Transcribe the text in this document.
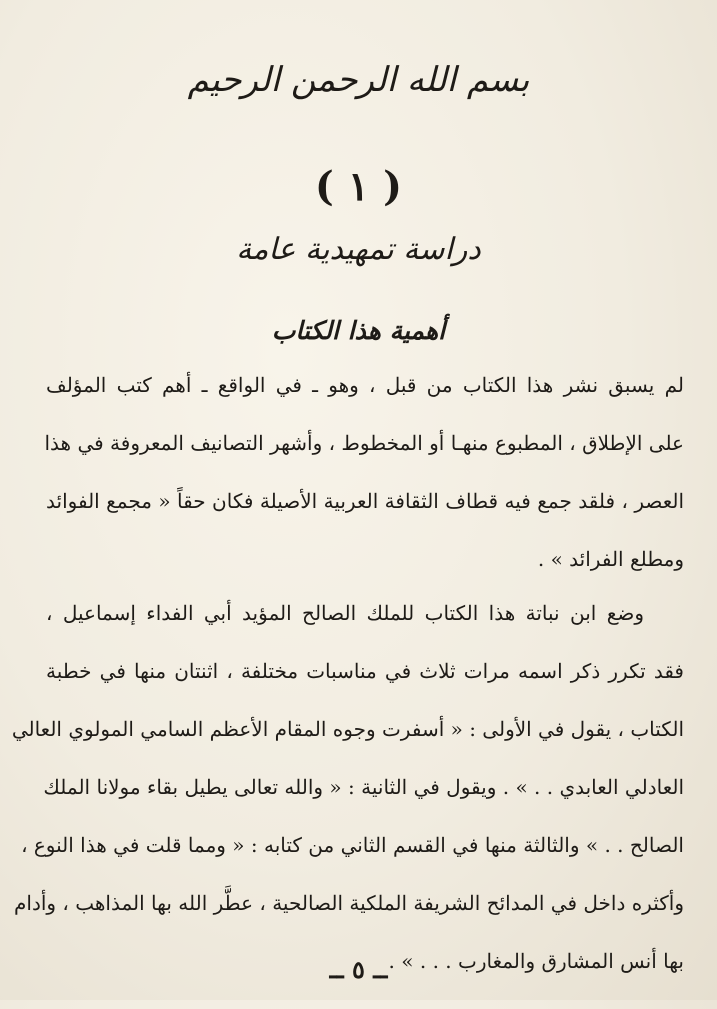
بسم الله الرحمن الرحيم
( ١ )
دراسة تمهيدية عامة
أهمية هذا الكتاب
لم يسبق نشر هذا الكتاب من قبل ، وهو ـ في الواقع ـ أهم كتب المؤلف
على الإطلاق ، المطبوع منهـا أو المخطوط ، وأشهر التصانيف المعروفة في هذا
العصر ، فلقد جمع فيه قطاف الثقافة العربية الأصيلة فكان حقاً « مجمع الفوائد
ومطلع الفرائد » .
وضع ابن نباتة هذا الكتاب للملك الصالح المؤيد أبي الفداء إسماعيل ،
فقد تكرر ذكر اسمه مرات ثلاث في مناسبات مختلفة ، اثنتان منها في خطبة
الكتاب ، يقول في الأولى : « أسفرت وجوه المقام الأعظم السامي المولوي العالي
العادلي العابدي . . » . ويقول في الثانية : « والله تعالى يطيل بقاء مولانا الملك
الصالح . . » والثالثة منها في القسم الثاني من كتابه : « ومما قلت في هذا النوع ،
وأكثره داخل في المدائح الشريفة الملكية الصالحية ، عطَّر الله بها المذاهب ، وأدام
بها أنس المشارق والمغارب . . . » .
ــ ٥ ــ
